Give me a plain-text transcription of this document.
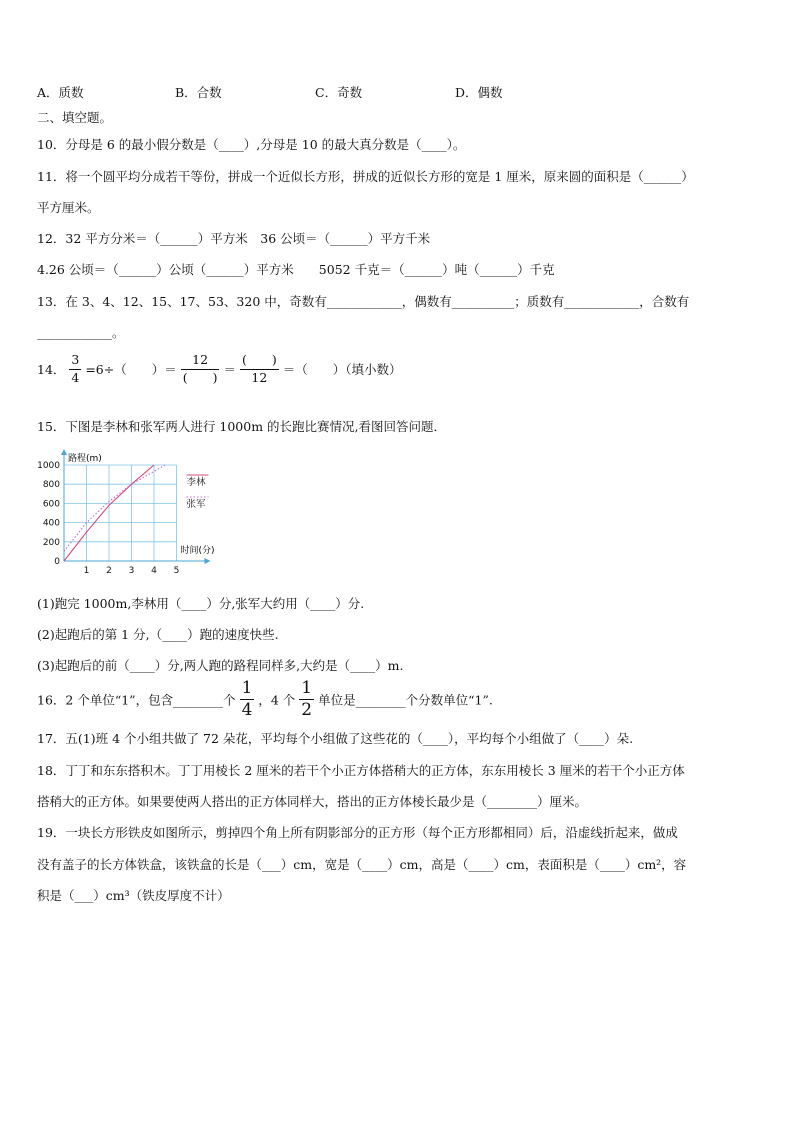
A．质数	B．合数	C．奇数	D．偶数
二、填空题。
10．分母是 6 的最小假分数是（____）,分母是 10 的最大真分数是（____）。
11．将一个圆平均分成若干等份，拼成一个近似长方形，拼成的近似长方形的宽是 1 厘米，原来圆的面积是（______）
平方厘米。
12．32 平方分米＝（______）平方米　36 公顷＝（______）平方千米
4.26 公顷＝（______）公顷（______）平方米　　5052 千克＝（______）吨（______）千克
13．在 3、4、12、15、17、53、320 中，奇数有____________，偶数有__________；质数有____________，合数有
____________。
14． $\frac{3}{4} =6\div$（　　）＝ $\frac{12}{( )} = \frac{( )}{12}$ ＝（　　）（填小数）
15．下图是李林和张军两人进行 1000m 的长跑比赛情况,看图回答问题．
1 2 3 4 5
0
200
400
600
800
1000
李林
张军
路程(m)
时间(分)
(1)跑完 1000m,李林用（____）分,张军大约用（____）分.
(2)起跑后的第 1 分,（____）跑的速度快些.
(3)起跑后的前（____）分,两人跑的路程同样多,大约是（____）m.
16．2 个单位“1”，包含________个 $\frac{1}{4}$ ，4 个 $\frac{1}{2}$ 单位是________个分数单位“1”.
17．五(1)班 4 个小组共做了 72 朵花，平均每个小组做了这些花的（____），平均每个小组做了（____）朵.
18．丁丁和东东搭积木。丁丁用棱长 2 厘米的若干个小正方体搭稍大的正方体，东东用棱长 3 厘米的若干个小正方体
搭稍大的正方体。如果要使两人搭出的正方体同样大，搭出的正方体棱长最少是（________）厘米。
19．一块长方形铁皮如图所示，剪掉四个角上所有阴影部分的正方形（每个正方形都相同）后，沿虚线折起来，做成
没有盖子的长方体铁盒，该铁盒的长是（___）cm，宽是（____）cm，高是（____）cm，表面积是（____）cm²，容
积是（___）cm³（铁皮厚度不计）
